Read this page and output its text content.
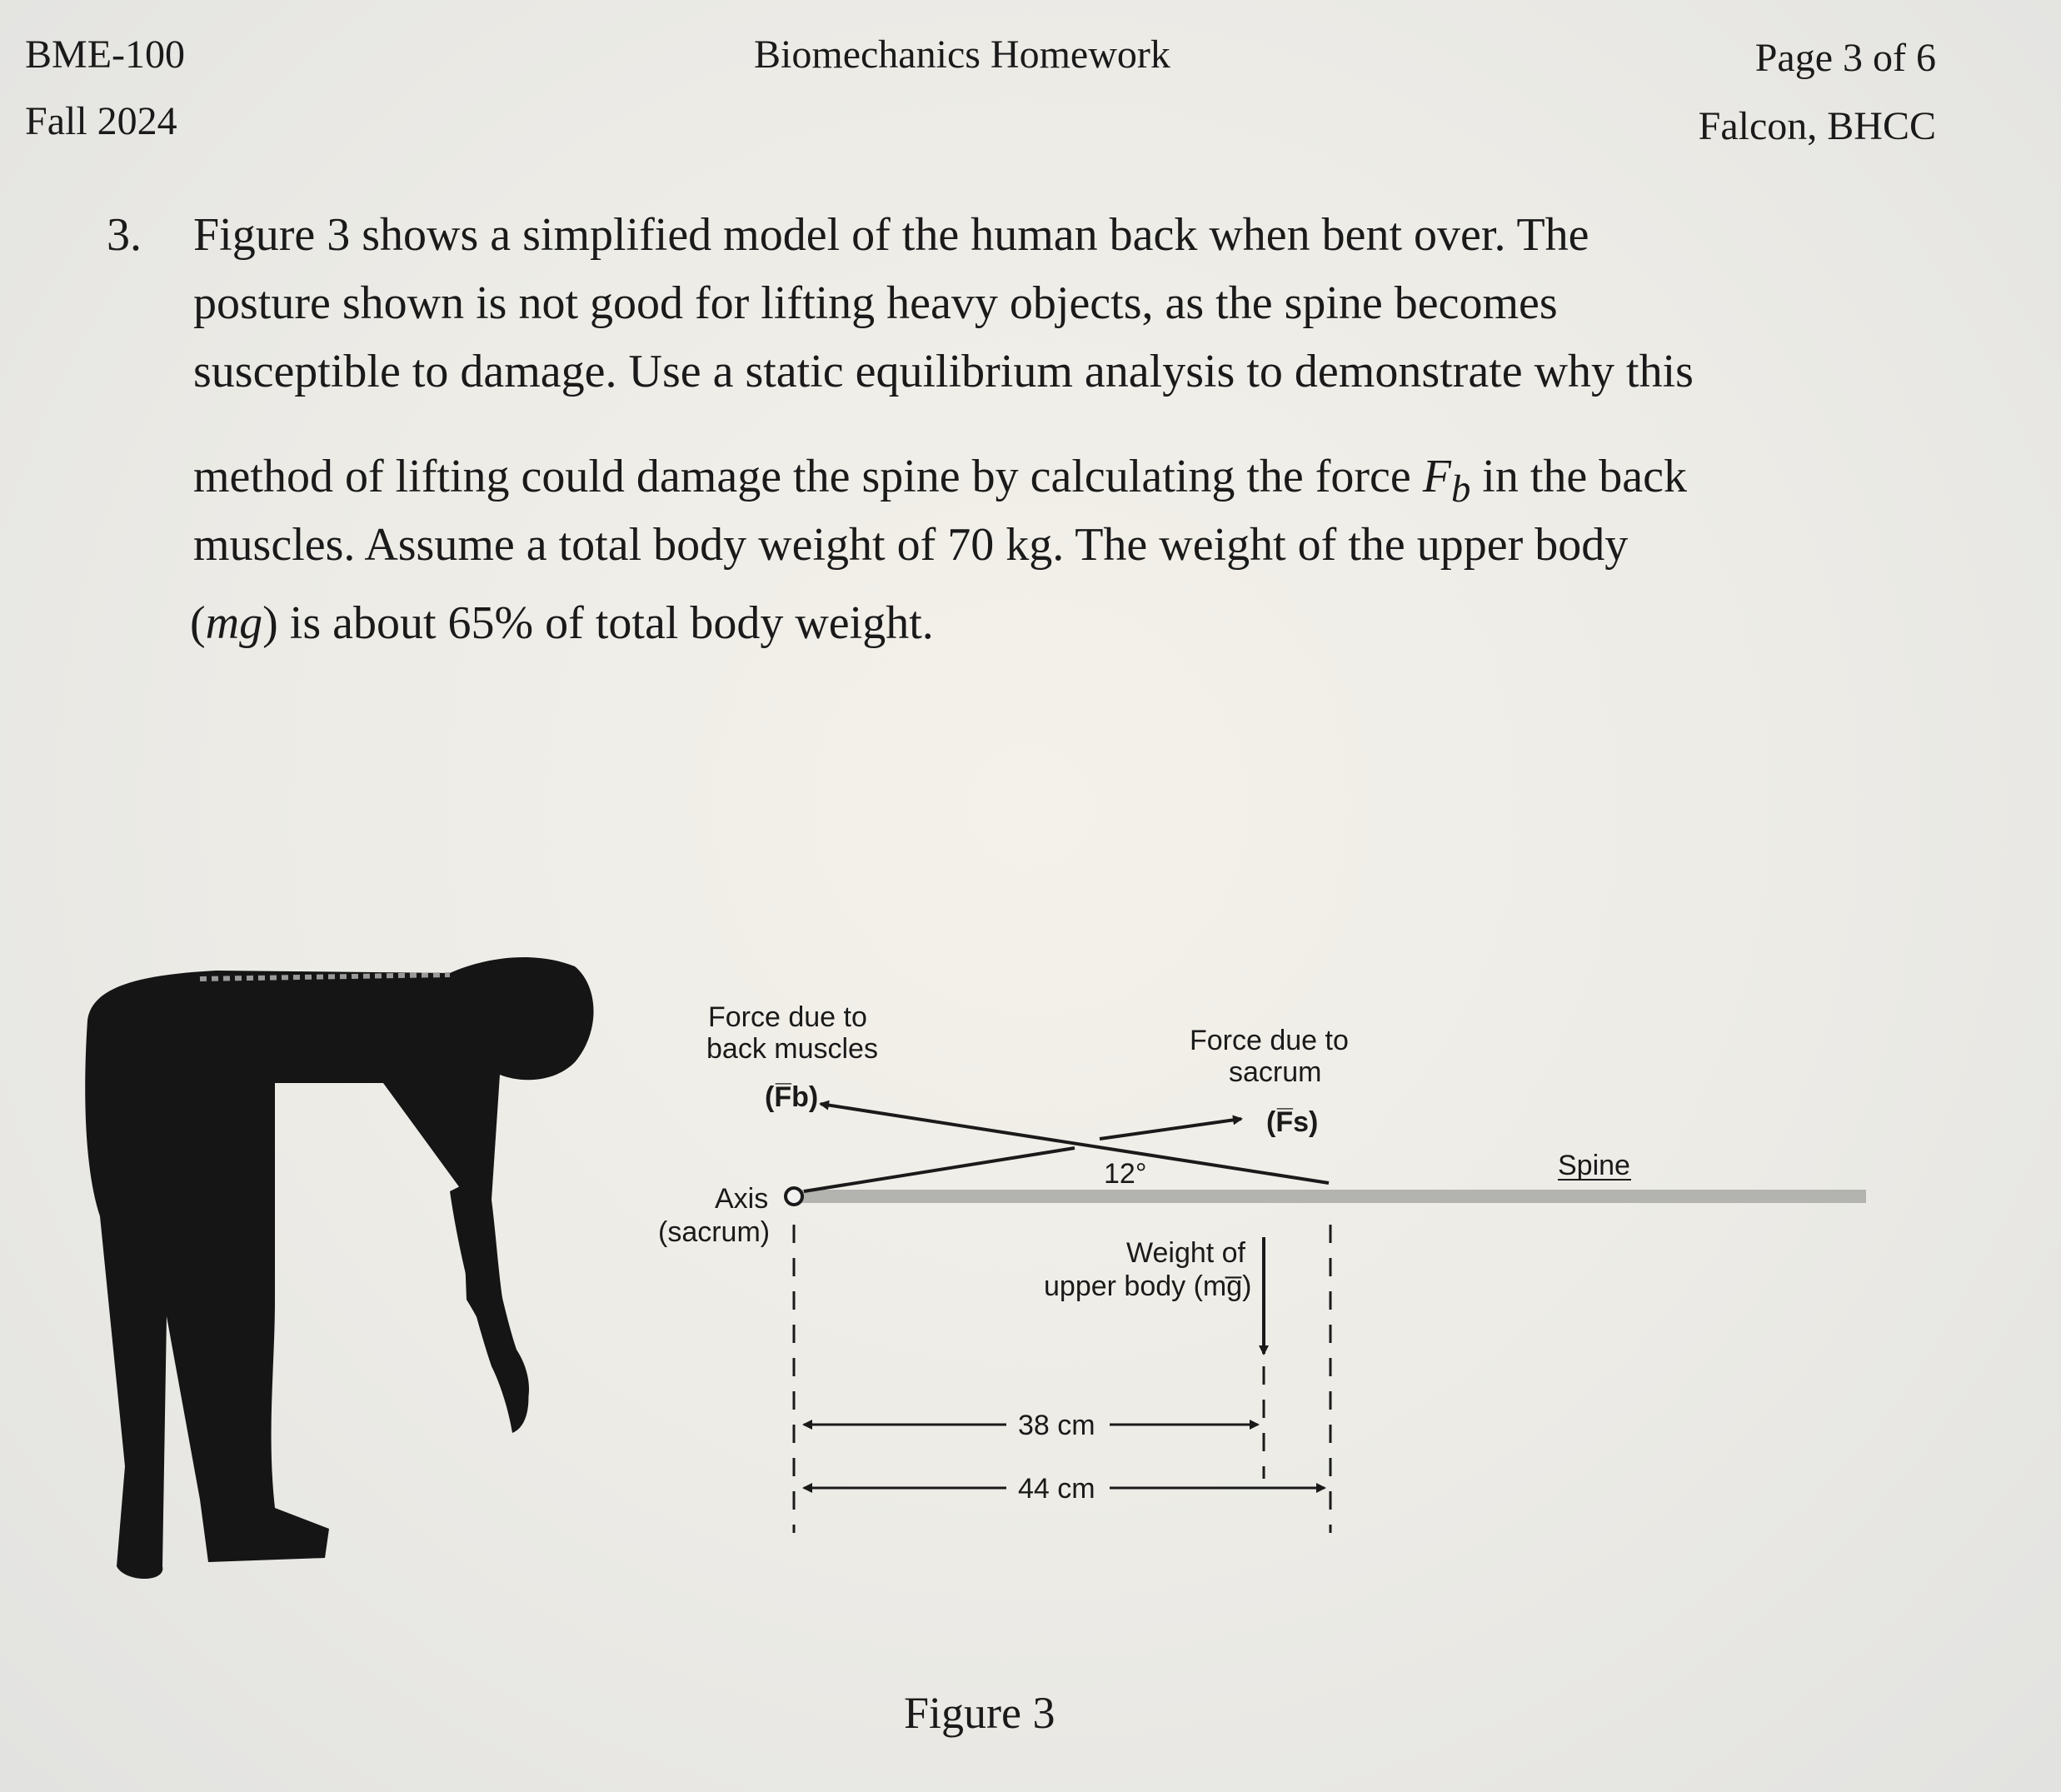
BME-100
Fall 2024
Biomechanics Homework	Page 3 of 6
Falcon, BHCC
3. Figure 3 shows a simplified model of the human back when bent over. The
posture shown is not good for lifting heavy objects, as the spine becomes
susceptible to damage. Use a static equilibrium analysis to demonstrate why this
method of lifting could damage the spine by calculating the force $F_b$ in the back
muscles. Assume a total body weight of 70 kg. The weight of the upper body
(mg) is about 65% of total body weight.
Force due to
back muscles
(F̅b)
Force due to
sacrum
(F̅s)
12°
Axis
(sacrum)
Spine
Weight of
upper body (mg̅)
38 cm
44 cm
Figure 3
